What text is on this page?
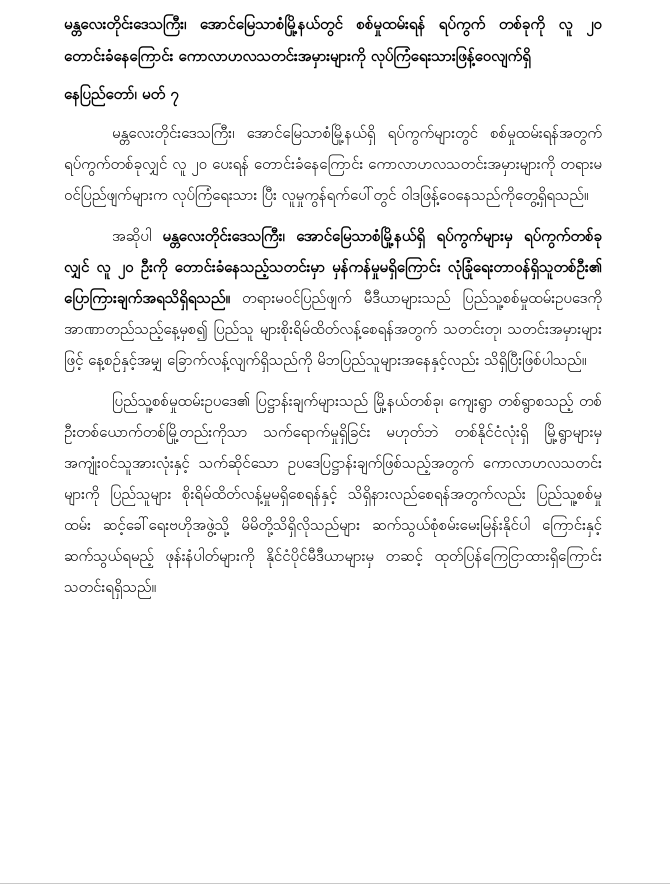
မန္တလေးတိုင်းဒေသကြီး၊ အောင်မြေသာစံမြို့နယ်တွင် စစ်မှုထမ်းရန် ရပ်ကွက် တစ်ခုကို လူ ၂၀ တောင်းခံနေကြောင်း ကောလာဟလသတင်းအမှားများကို လုပ်ကြံရေးသားဖြန့်ဝေလျက်ရှိ

နေပြည်တော်၊ မတ် ၇

မန္တလေးတိုင်းဒေသကြီး၊ အောင်မြေသာစံမြို့နယ်ရှိ ရပ်ကွက်များတွင် စစ်မှုထမ်းရန်အတွက် ရပ်ကွက်တစ်ခုလျှင် လူ ၂၀ ပေးရန် တောင်းခံနေကြောင်း ကောလာဟလသတင်းအမှားများကို တရားမဝင်ပြည်ဖျက်များက လုပ်ကြံရေးသား ပြီး လူမှုကွန်ရက်ပေါ်တွင် ဝါဒဖြန့်ဝေနေသည်ကိုတွေ့ရှိရသည်။

အဆိုပါ မန္တလေးတိုင်းဒေသကြီး၊ အောင်မြေသာစံမြို့နယ်ရှိ ရပ်ကွက်များမှ ရပ်ကွက်တစ်ခုလျှင် လူ ၂၀ ဦးကို တောင်းခံနေသည့်သတင်းမှာ မှန်ကန်မှုမရှိကြောင်း လုံခြုံရေးတာဝန်ရှိသူတစ်ဦး၏ ပြောကြားချက်အရသိရှိရသည်။ တရားမဝင်ပြည်ဖျက် မီဒီယာများသည် ပြည်သူ့စစ်မှုထမ်းဥပဒေကို အာဏာတည်သည့်နေ့မှစ၍ ပြည်သူ များစိုးရိမ်ထိတ်လန့်စေရန်အတွက် သတင်းတု၊ သတင်းအမှားများဖြင့် နေ့စဉ်နှင့်အမျှ ခြောက်လန့်လျက်ရှိသည်ကို မိဘပြည်သူများအနေနှင့်လည်း သိရှိပြီးဖြစ်ပါသည်။

ပြည်သူ့စစ်မှုထမ်းဥပဒေ၏ ပြဋ္ဌာန်းချက်များသည် မြို့နယ်တစ်ခု၊ ကျေးရွာ တစ်ရွာစသည့် တစ်ဦးတစ်ယောက်တစ်မြို့တည်းကိုသာ သက်ရောက်မှုရှိခြင်း မဟုတ်ဘဲ တစ်နိုင်ငံလုံးရှိ မြို့ရွာများမှ အကျုံးဝင်သူအားလုံးနှင့် သက်ဆိုင်သော ဥပဒေပြဋ္ဌာန်းချက်ဖြစ်သည့်အတွက် ကောလာဟလသတင်းများကို ပြည်သူများ စိုးရိမ်ထိတ်လန့်မှုမရှိစေရန်နှင့် သိရှိနားလည်စေရန်အတွက်လည်း ပြည်သူ့စစ်မှုထမ်း ဆင့်ခေါ်ရေးဗဟိုအဖွဲ့သို့ မိမိတို့သိရှိလိုသည်များ ဆက်သွယ်စုံစမ်းမေးမြန်းနိုင်ပါ ကြောင်းနှင့် ဆက်သွယ်ရမည့် ဖုန်းနံပါတ်များကို နိုင်ငံပိုင်မီဒီယာများမှ တဆင့် ထုတ်ပြန်ကြေငြာထားရှိကြောင်း သတင်းရရှိသည်။
